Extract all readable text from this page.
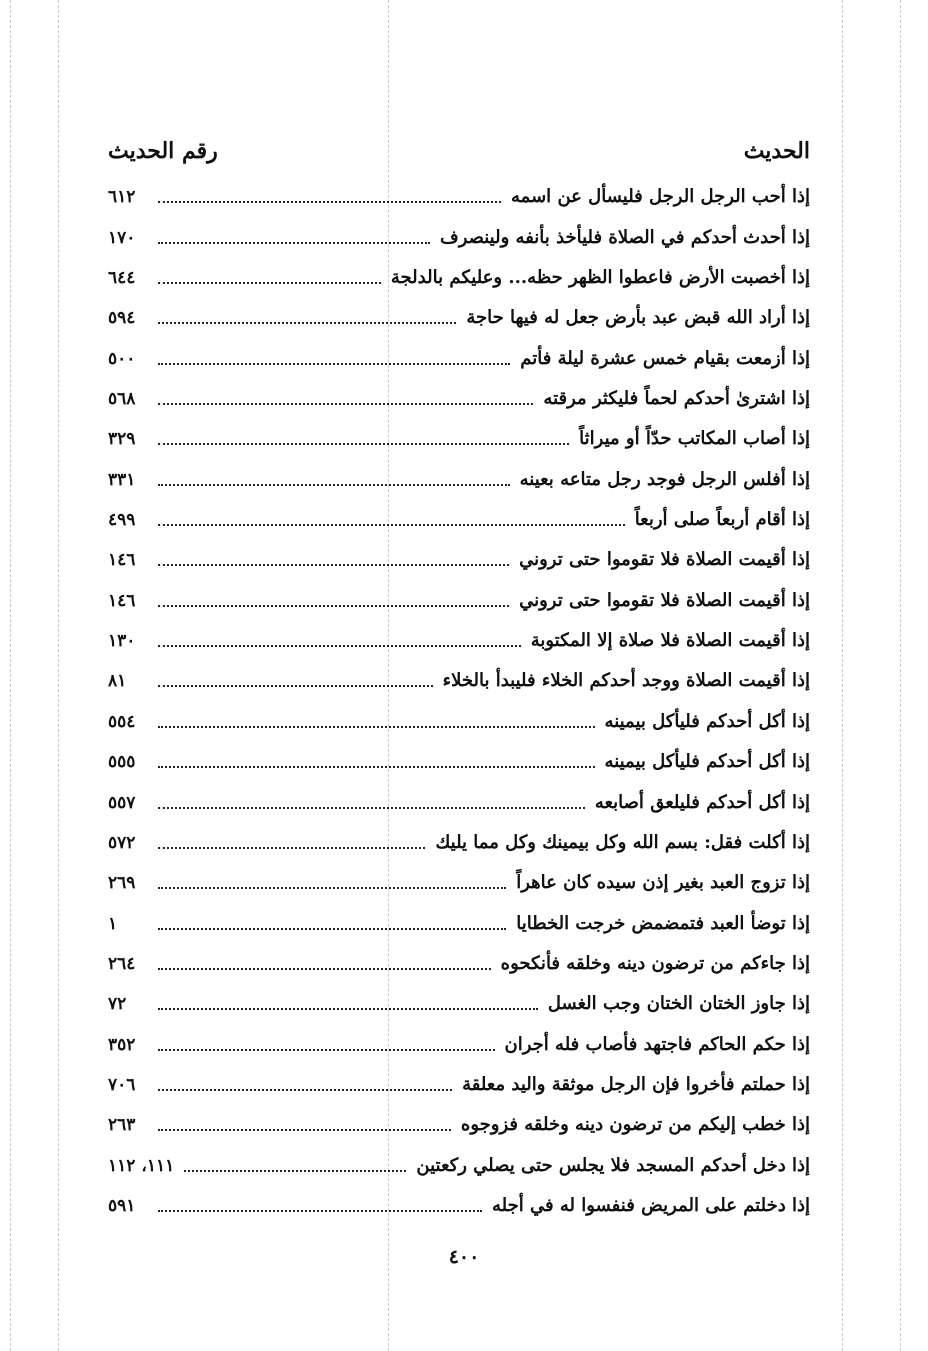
الحديث
رقم الحديث
إذا أحب الرجل الرجل فليسأل عن اسمه
٦١٢
إذا أحدث أحدكم في الصلاة فليأخذ بأنفه ولينصرف
١٧٠
إذا أخصبت الأرض فاعطوا الظهر حظه... وعليكم بالدلجة
٦٤٤
إذا أراد الله قبض عبد بأرض جعل له فيها حاجة
٥٩٤
إذا أزمعت بقيام خمس عشرة ليلة فأتم
٥٠٠
إذا اشترىٰ أحدكم لحماً فليكثر مرقته
٥٦٨
إذا أصاب المكاتب حدّاً أو ميراثاً
٣٢٩
إذا أفلس الرجل فوجد رجل متاعه بعينه
٣٣١
إذا أقام أربعاً صلى أربعاً
٤٩٩
إذا أقيمت الصلاة فلا تقوموا حتى تروني
١٤٦
إذا أقيمت الصلاة فلا تقوموا حتى تروني
١٤٦
إذا أقيمت الصلاة فلا صلاة إلا المكتوبة
١٣٠
إذا أقيمت الصلاة ووجد أحدكم الخلاء فليبدأ بالخلاء
٨١
إذا أكل أحدكم فليأكل بيمينه
٥٥٤
إذا أكل أحدكم فليأكل بيمينه
٥٥٥
إذا أكل أحدكم فليلعق أصابعه
٥٥٧
إذا أكلت فقل: بسم الله وكل بيمينك وكل مما يليك
٥٧٢
إذا تزوج العبد بغير إذن سيده كان عاهراً
٢٦٩
إذا توضأ العبد فتمضمض خرجت الخطايا
١
إذا جاءكم من ترضون دينه وخلقه فأنكحوه
٢٦٤
إذا جاوز الختان الختان وجب الغسل
٧٢
إذا حكم الحاكم فاجتهد فأصاب فله أجران
٣٥٢
إذا حملتم فأخروا فإن الرجل موثقة واليد معلقة
٧٠٦
إذا خطب إليكم من ترضون دينه وخلقه فزوجوه
٢٦٣
إذا دخل أحدكم المسجد فلا يجلس حتى يصلي ركعتين
١١١، ١١٢
إذا دخلتم على المريض فنفسوا له في أجله
٥٩١
٤٠٠
